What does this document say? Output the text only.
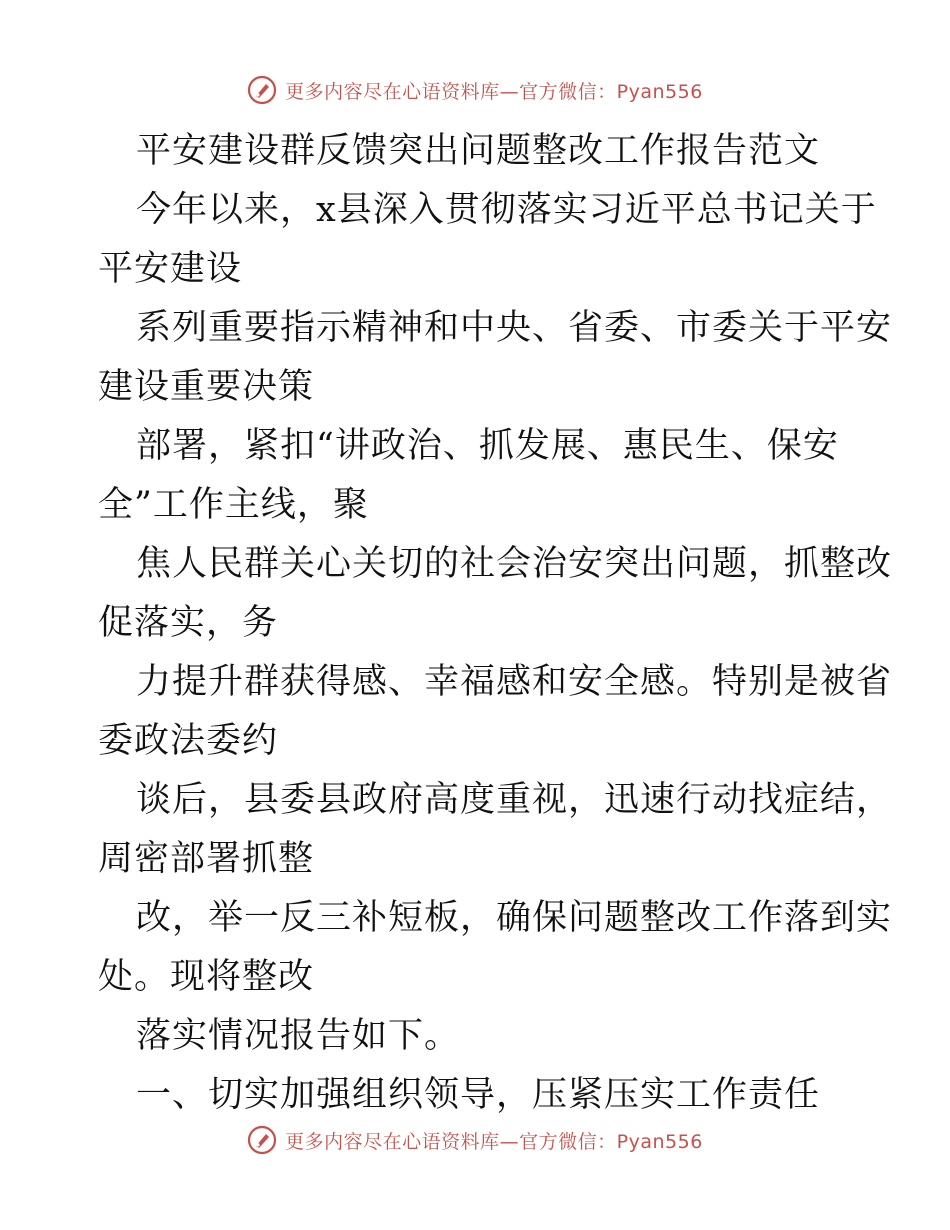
更多内容尽在心语资料库—官方微信：Pyan556
平安建设群反馈突出问题整改工作报告范文
今年以来，x县深入贯彻落实习近平总书记关于
平安建设
系列重要指示精神和中央、省委、市委关于平安
建设重要决策
部署，紧扣“讲政治、抓发展、惠民生、保安
全”工作主线，聚
焦人民群关心关切的社会治安突出问题，抓整改
促落实，务
力提升群获得感、幸福感和安全感。特别是被省
委政法委约
谈后，县委县政府高度重视，迅速行动找症结，
周密部署抓整
改，举一反三补短板，确保问题整改工作落到实
处。现将整改
落实情况报告如下。
一、切实加强组织领导，压紧压实工作责任
更多内容尽在心语资料库—官方微信：Pyan556
